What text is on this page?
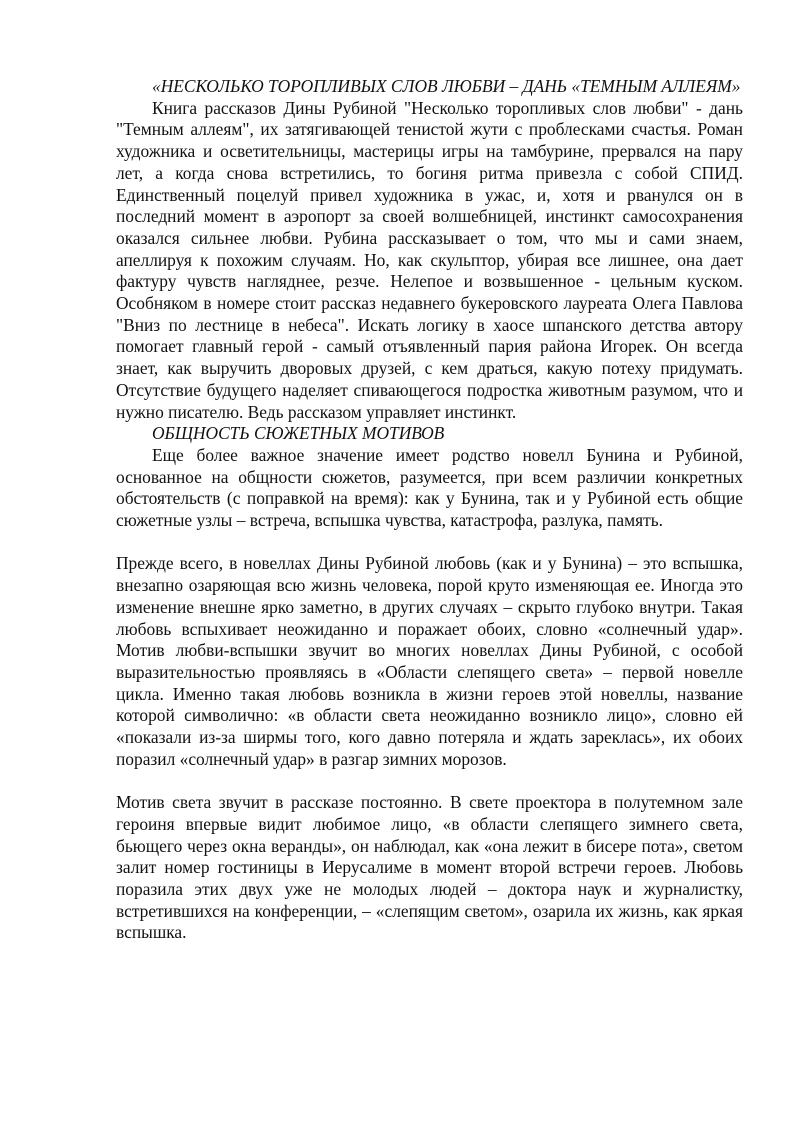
«НЕСКОЛЬКО ТОРОПЛИВЫХ СЛОВ ЛЮБВИ – ДАНЬ «ТЕМНЫМ АЛЛЕЯМ»

Книга рассказов Дины Рубиной "Несколько торопливых слов любви" - дань "Темным аллеям", их затягивающей тенистой жути с проблесками счастья. Роман художника и осветительницы, мастерицы игры на тамбурине, прервался на пару лет, а когда снова встретились, то богиня ритма привезла с собой СПИД. Единственный поцелуй привел художника в ужас, и, хотя и рванулся он в последний момент в аэропорт за своей волшебницей, инстинкт самосохранения оказался сильнее любви. Рубина рассказывает о том, что мы и сами знаем, апеллируя к похожим случаям. Но, как скульптор, убирая все лишнее, она дает фактуру чувств нагляднее, резче. Нелепое и возвышенное - цельным куском. Особняком в номере стоит рассказ недавнего букеровского лауреата Олега Павлова "Вниз по лестнице в небеса". Искать логику в хаосе шпанского детства автору помогает главный герой - самый отъявленный пария района Игорек. Он всегда знает, как выручить дворовых друзей, с кем драться, какую потеху придумать. Отсутствие будущего наделяет спивающегося подростка животным разумом, что и нужно писателю. Ведь рассказом управляет инстинкт.

ОБЩНОСТЬ СЮЖЕТНЫХ МОТИВОВ

Еще более важное значение имеет родство новелл Бунина и Рубиной, основанное на общности сюжетов, разумеется, при всем различии конкретных обстоятельств (с поправкой на время): как у Бунина, так и у Рубиной есть общие сюжетные узлы – встреча, вспышка чувства, катастрофа, разлука, память.

Прежде всего, в новеллах Дины Рубиной любовь (как и у Бунина) – это вспышка, внезапно озаряющая всю жизнь человека, порой круто изменяющая ее. Иногда это изменение внешне ярко заметно, в других случаях – скрыто глубоко внутри. Такая любовь вспыхивает неожиданно и поражает обоих, словно «солнечный удар». Мотив любви-вспышки звучит во многих новеллах Дины Рубиной, с особой выразительностью проявляясь в «Области слепящего света» – первой новелле цикла. Именно такая любовь возникла в жизни героев этой новеллы, название которой символично: «в области света неожиданно возникло лицо», словно ей «показали из-за ширмы того, кого давно потеряла и ждать зареклась», их обоих поразил «солнечный удар» в разгар зимних морозов.

Мотив света звучит в рассказе постоянно. В свете проектора в полутемном зале героиня впервые видит любимое лицо, «в области слепящего зимнего света, бьющего через окна веранды», он наблюдал, как «она лежит в бисере пота», светом залит номер гостиницы в Иерусалиме в момент второй встречи героев. Любовь поразила этих двух уже не молодых людей – доктора наук и журналистку, встретившихся на конференции, – «слепящим светом», озарила их жизнь, как яркая вспышка.
